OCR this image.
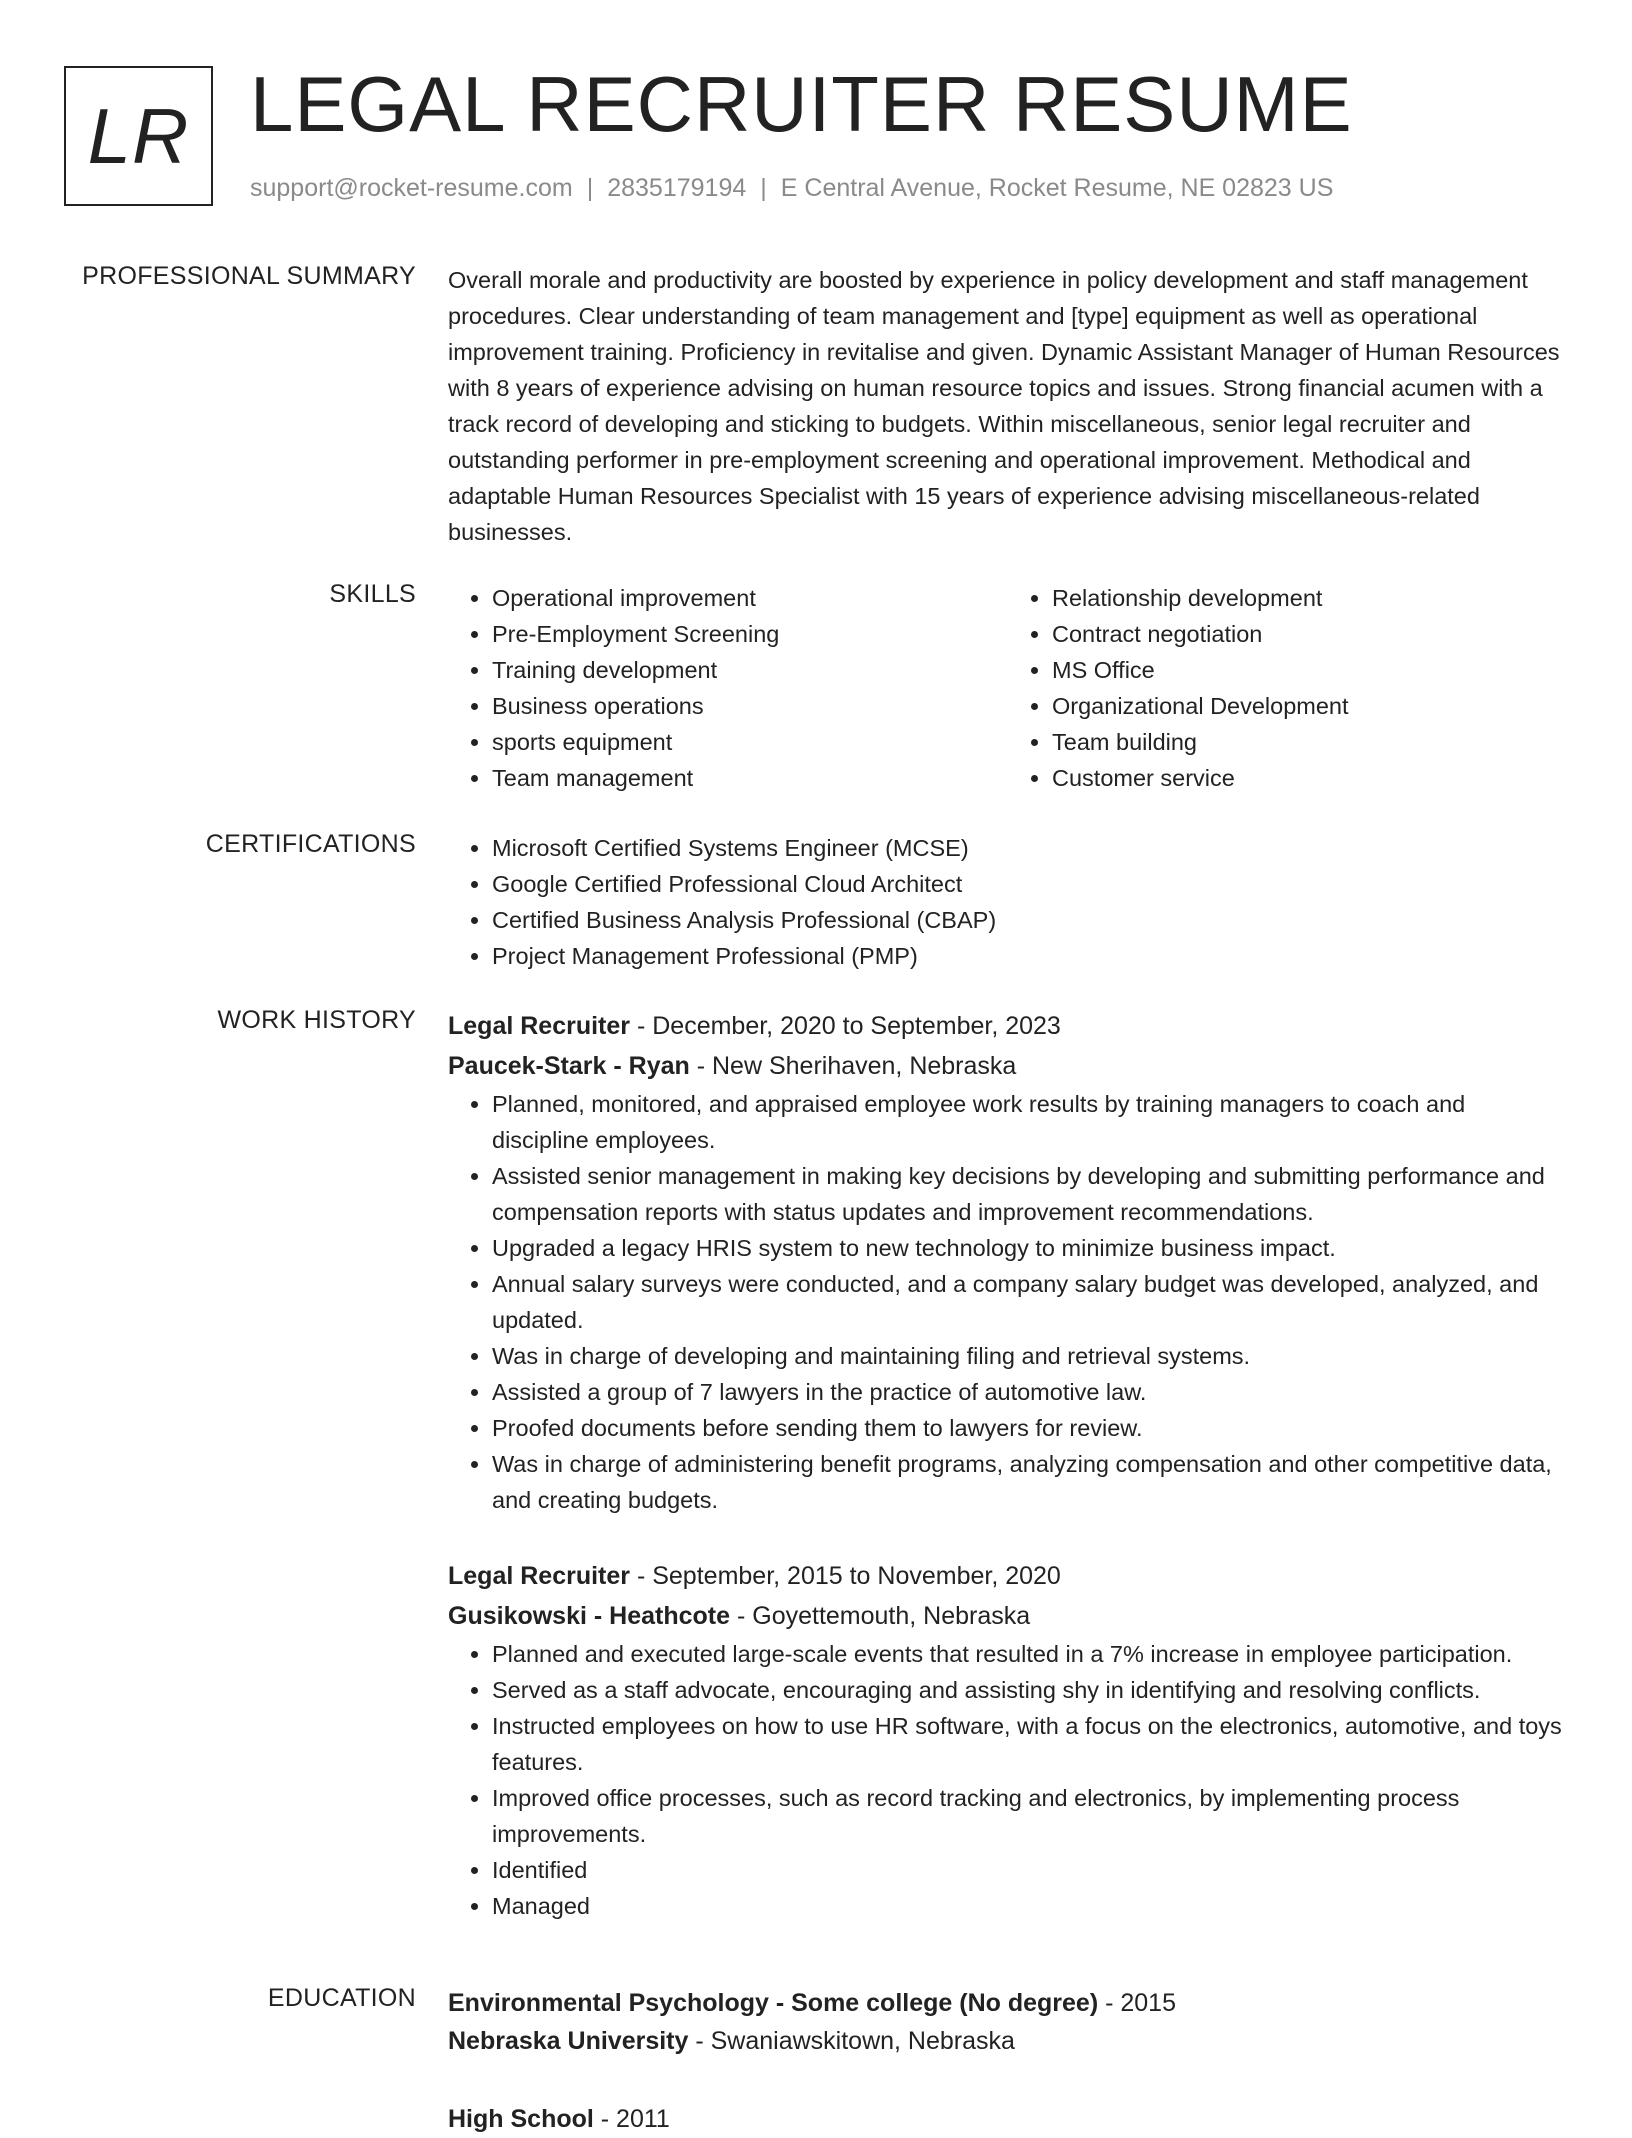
LR LEGAL RECRUITER RESUME
support@rocket-resume.com | 2835179194 | E Central Avenue, Rocket Resume, NE 02823 US
PROFESSIONAL SUMMARY Overall morale and productivity are boosted by experience in policy development and staff management procedures. Clear understanding of team management and [type] equipment as well as operational improvement training. Proficiency in revitalise and given. Dynamic Assistant Manager of Human Resources with 8 years of experience advising on human resource topics and issues. Strong financial acumen with a track record of developing and sticking to budgets. Within miscellaneous, senior legal recruiter and outstanding performer in pre-employment screening and operational improvement. Methodical and adaptable Human Resources Specialist with 15 years of experience advising miscellaneous-related businesses.

SKILLS	• Operational improvement
• Pre-Employment Screening
• Training development
• Business operations
• sports equipment
• Team management
• Relationship development
• Contract negotiation
• MS Office
• Organizational Development
• Team building
• Customer service
CERTIFICATIONS	• Microsoft Certified Systems Engineer (MCSE)
• Google Certified Professional Cloud Architect
• Certified Business Analysis Professional (CBAP)
• Project Management Professional (PMP)
WORK HISTORY Legal Recruiter - December, 2020 to September, 2023
Paucek-Stark - Ryan - New Sherihaven, Nebraska
• Planned, monitored, and appraised employee work results by training managers to coach and discipline employees.
• Assisted senior management in making key decisions by developing and submitting performance and compensation reports with status updates and improvement recommendations.
• Upgraded a legacy HRIS system to new technology to minimize business impact.
• Annual salary surveys were conducted, and a company salary budget was developed, analyzed, and updated.
• Was in charge of developing and maintaining filing and retrieval systems.
• Assisted a group of 7 lawyers in the practice of automotive law.
• Proofed documents before sending them to lawyers for review.
• Was in charge of administering benefit programs, analyzing compensation and other competitive data, and creating budgets.
Legal Recruiter - September, 2015 to November, 2020
Gusikowski - Heathcote - Goyettemouth, Nebraska
• Planned and executed large-scale events that resulted in a 7% increase in employee participation.
• Served as a staff advocate, encouraging and assisting shy in identifying and resolving conflicts.
• Instructed employees on how to use HR software, with a focus on the electronics, automotive, and toys features.
• Improved office processes, such as record tracking and electronics, by implementing process improvements.
• Identified
• Managed
EDUCATION Environmental Psychology - Some college (No degree) - 2015
Nebraska University - Swaniawskitown, Nebraska
High School - 2011
